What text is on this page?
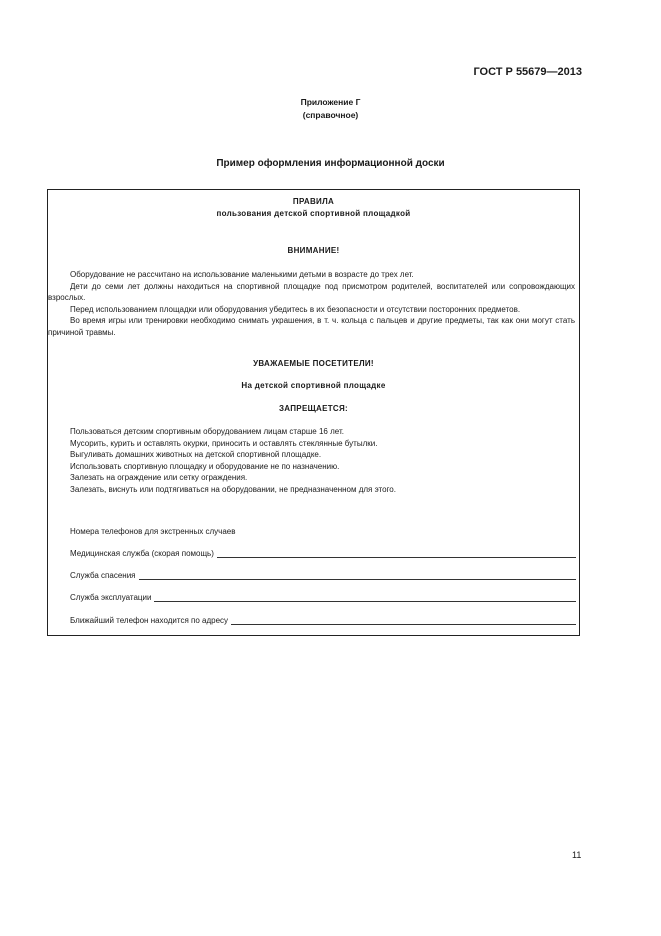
ГОСТ Р 55679—2013
Приложение Г
(справочное)
Пример оформления информационной доски
ПРАВИЛА
пользования детской спортивной площадкой
ВНИМАНИЕ!

Оборудование не рассчитано на использование маленькими детьми в возрасте до трех лет.

Дети до семи лет должны находиться на спортивной площадке под присмотром родителей, воспитателей или сопровождающих взрослых.

Перед использованием площадки или оборудования убедитесь в их безопасности и отсутствии посторонних предметов.

Во время игры или тренировки необходимо снимать украшения, в т. ч. кольца с пальцев и другие предметы, так как они могут стать причиной травмы.

УВАЖАЕМЫЕ ПОСЕТИТЕЛИ!
На детской спортивной площадке
ЗАПРЕЩАЕТСЯ:
Пользоваться детским спортивным оборудованием лицам старше 16 лет.
Мусорить, курить и оставлять окурки, приносить и оставлять стеклянные бутылки.
Выгуливать домашних животных на детской спортивной площадке.
Использовать спортивную площадку и оборудование не по назначению.
Залезать на ограждение или сетку ограждения.
Залезать, виснуть или подтягиваться на оборудовании, не предназначенном для этого.
Номера телефонов для экстренных случаев
Медицинская служба (скорая помощь)
Служба спасения
Служба эксплуатации
Ближайший телефон находится по адресу
11
